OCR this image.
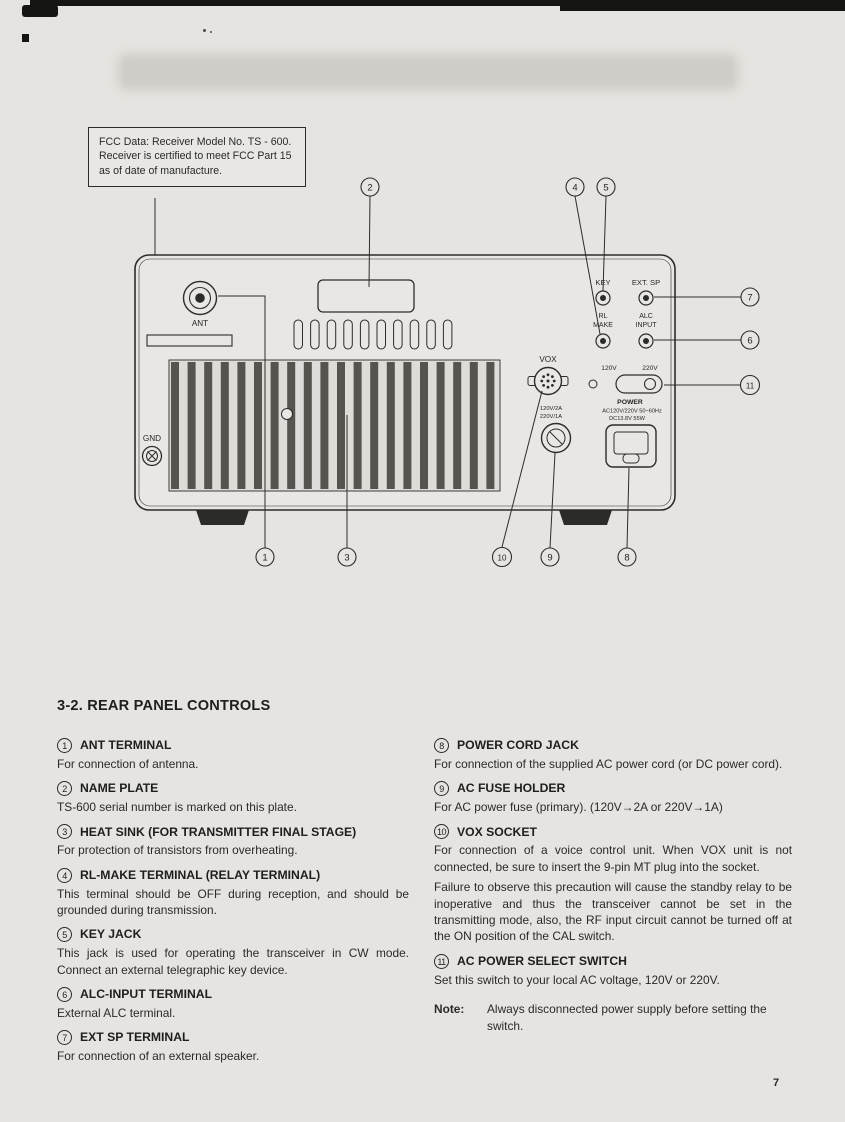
FCC Data: Receiver Model No. TS - 600. Receiver is certified to meet FCC Part 15 as of date of manufacture.
ANT
GND
KEY	EXT. SP
RL
MAKE
ALC
INPUT
VOX
120V	220V
POWER
AC120V/220V 50~60Hz
DC13.8V 55W
120V/2A
220V/1A
2	4	5
7
6
11
1	3	10	9	8
3-2. REAR PANEL CONTROLS
1	ANT TERMINAL

For connection of antenna.

2	NAME PLATE

TS-600 serial number is marked on this plate.

3	HEAT SINK (FOR TRANSMITTER FINAL STAGE)

For protection of transistors from overheating.

4	RL-MAKE TERMINAL (RELAY TERMINAL)

This terminal should be OFF during reception, and should be grounded during transmission.

5	KEY JACK

This jack is used for operating the transceiver in CW mode. Connect an external telegraphic key device.

6	ALC-INPUT TERMINAL

External ALC terminal.

7	EXT SP TERMINAL

For connection of an external speaker.

8	POWER CORD JACK

For connection of the supplied AC power cord (or DC power cord).

9	AC FUSE HOLDER

For AC power fuse (primary). (120V→2A or 220V→1A)

10 VOX SOCKET

For connection of a voice control unit. When VOX unit is not connected, be sure to insert the 9-pin MT plug into the socket.

Failure to observe this precaution will cause the standby relay to be inoperative and thus the transceiver cannot be set in the transmitting mode, also, the RF input circuit cannot be turned off at the ON position of the CAL switch.

11 AC POWER SELECT SWITCH

Set this switch to your local AC voltage, 120V or 220V.

Note:	Always disconnected power supply before setting the switch.

7
